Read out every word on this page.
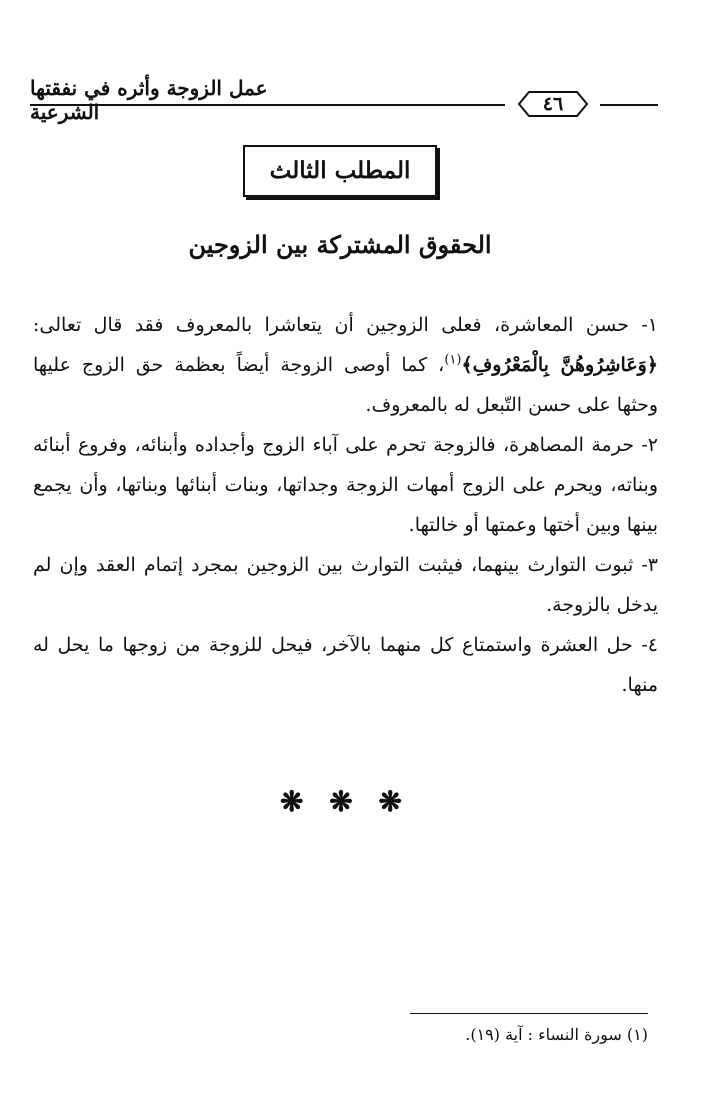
عمل الزوجة وأثره في نفقتها الشرعية	٤٦
المطلب الثالث
الحقوق المشتركة بين الزوجين

١- حسن المعاشرة، فعلى الزوجين أن يتعاشرا بالمعروف فقد قال تعالى: ﴿وَعَاشِرُوهُنَّ بِالْمَعْرُوفِ﴾$^{(١)}$، كما أوصى الزوجة أيضاً بعظمة حق الزوج عليها وحثها على حسن التّبعل له بالمعروف.

٢- حرمة المصاهرة، فالزوجة تحرم على آباء الزوج وأجداده وأبنائه، وفروع أبنائه وبناته، ويحرم على الزوج أمهات الزوجة وجداتها، وبنات أبنائها وبناتها، وأن يجمع بينها وبين أختها وعمتها أو خالتها.

٣- ثبوت التوارث بينهما، فيثبت التوارث بين الزوجين بمجرد إتمام العقد وإن لم يدخل بالزوجة.

٤- حل العشرة واستمتاع كل منهما بالآخر، فيحل للزوجة من زوجها ما يحل له منها.

❋ ❋ ❋
(١) سورة النساء : آية (١٩).
